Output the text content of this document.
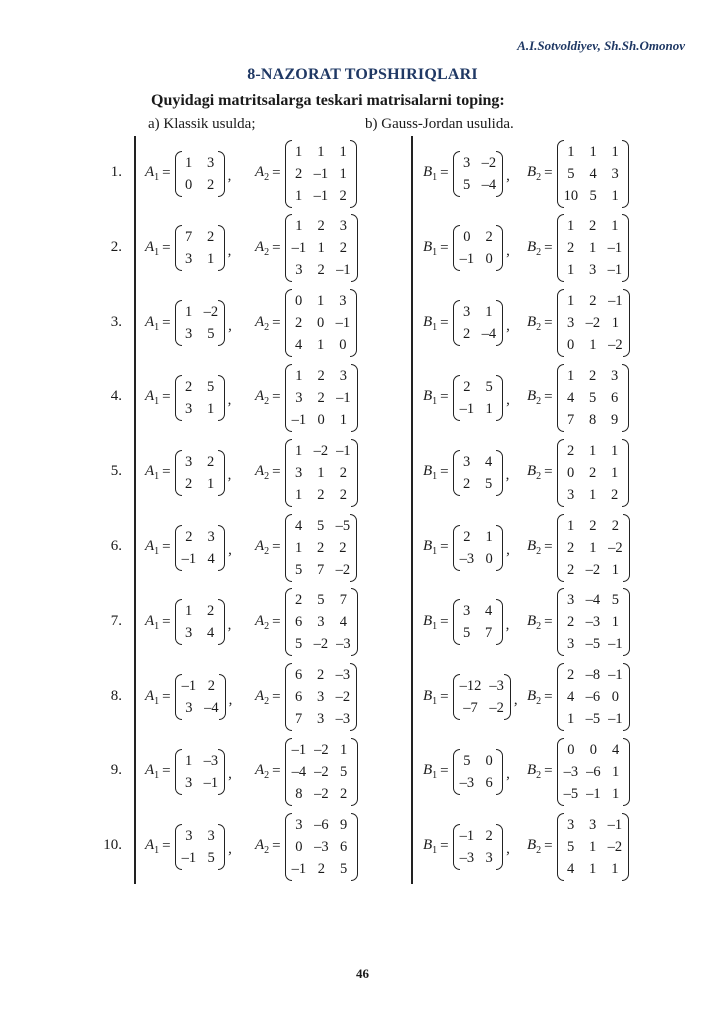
A.I.Sotvoldiyev, Sh.Sh.Omonov
8-NAZORAT TOPSHIRIQLARI
Quyidagi matritsalarga teskari matrisalarni toping:
a) Klassik usulda;	b) Gauss-Jordan usulida.
1. $A_1$ =
1 3
0 2
, $A_2$ =
1 1 1
2 –1 1
1 –1 2
$B_1$ =
3 –2
5 –4
, $B_2$ =
1 1 1
5 4 3
10 5 1
2. $A_1$ =
7 2
3 1
, $A_2$ =
1 2 3
–1 1 2
3 2 –1
$B_1$ =
0 2
–1 0
, $B_2$ =
1 2 1
2 1 –1
1 3 –1
3. $A_1$ =
1 –2
3 5
, $A_2$ =
0 1 3
2 0 –1
4 1 0
$B_1$ =
3 1
2 –4
, $B_2$ =
1 2 –1
3 –2 1
0 1 –2
4. $A_1$ =
2 5
3 1
, $A_2$ =
1 2 3
3 2 –1
–1 0 1
$B_1$ =
2 5
–1 1
, $B_2$ =
1 2 3
4 5 6
7 8 9
5. $A_1$ =
3 2
2 1
, $A_2$ =
1 –2 –1
3 1 2
1 2 2
$B_1$ =
3 4
2 5
, $B_2$ =
2 1 1
0 2 1
3 1 2
6. $A_1$ =
2 3
–1 4
, $A_2$ =
4 5 –5
1 2 2
5 7 –2
$B_1$ =
2 1
–3 0
, $B_2$ =
1 2 2
2 1 –2
2 –2 1
7. $A_1$ =
1 2
3 4
, $A_2$ =
2 5 7
6 3 4
5 –2 –3
$B_1$ =
3 4
5 7
, $B_2$ =
3 –4 5
2 –3 1
3 –5 –1
8. $A_1$ =
–1 2
3 –4
, $A_2$ =
6 2 –3
6 3 –2
7 3 –3
$B_1$ =
–12 –3
–7 –2
, $B_2$ =
2 –8 –1
4 –6 0
1 –5 –1
9. $A_1$ =
1 –3
3 –1
, $A_2$ =
–1 –2 1
–4 –2 5
8 –2 2
$B_1$ =
5 0
–3 6
, $B_2$ =
0 0 4
–3 –6 1
–5 –1 1
10. $A_1$ =
3 3
–1 5
, $A_2$ =
3 –6 9
0 –3 6
–1 2 5
$B_1$ =
–1 2
–3 3
, $B_2$ =
3 3 –1
5 1 –2
4 1 1
46
